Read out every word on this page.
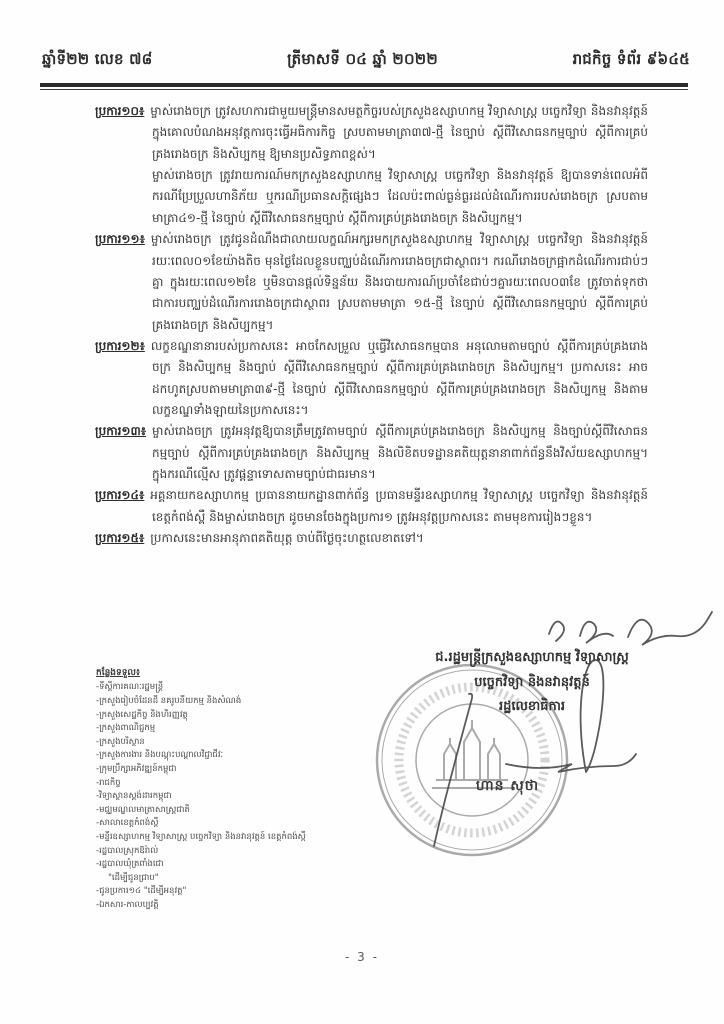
ឆ្នាំទី២២ លេខ ៧៨	ត្រីមាសទី ០៤ ឆ្នាំ ២០២២	រាជកិច្ច ទំព័រ ៩៦៤៥

ប្រការ១០៖ ម្ចាស់រោងចក្រ ត្រូវសហការជាមួយមន្ត្រីមានសមត្ថកិច្ចរបស់ក្រសួងឧស្សាហកម្ម វិទ្យាសាស្ត្រ បច្ចេកវិទ្យា និងនវានុវត្តន៍ ក្នុងគោលបំណងអនុវត្តការចុះធ្វើអធិការកិច្ច ស្របតាមមាត្រា៣៧-ថ្មី នៃច្បាប់ ស្តីពីវិសោធនកម្មច្បាប់ ស្តីពីការគ្រប់គ្រងរោងចក្រ និងសិប្បកម្ម ឱ្យមានប្រសិទ្ធភាពខ្ពស់។

ម្ចាស់រោងចក្រ ត្រូវរាយការណ៍មកក្រសួងឧស្សាហកម្ម វិទ្យាសាស្ត្រ បច្ចេកវិទ្យា និងនវានុវត្តន៍ ឱ្យបានទាន់ពេលអំពីករណីប្រែប្រួលហានិភ័យ ឬករណីប្រធានសក្តិផ្សេងៗ ដែលប៉ះពាល់ធ្ងន់ធ្ងរដល់ដំណើរការរបស់រោងចក្រ ស្របតាមមាត្រា៤១-ថ្មី នៃច្បាប់ ស្តីពីវិសោធនកម្មច្បាប់ ស្តីពីការគ្រប់គ្រងរោងចក្រ និងសិប្បកម្ម។

ប្រការ១១៖ ម្ចាស់រោងចក្រ ត្រូវជូនដំណឹងជាលាយលក្ខណ៍អក្សរមកក្រសួងឧស្សាហកម្ម វិទ្យាសាស្ត្រ បច្ចេកវិទ្យា និងនវានុវត្តន៍ រយៈពេល០១ខែយ៉ាងតិច មុនថ្ងៃដែលខ្លួនបញ្ឈប់ដំណើរការរោងចក្រជាស្ថាពរ។ ករណីរោងចក្រផ្អាកដំណើរការជាប់ៗគ្នា ក្នុងរយៈពេល១២ខែ ឬមិនបានផ្តល់ទិន្នន័យ និងរបាយការណ៍ប្រចាំខែជាប់ៗគ្នារយៈពេល០៣ខែ ត្រូវចាត់ទុកថា ជាការបញ្ឈប់ដំណើរការរោងចក្រជាស្ថាពរ ស្របតាមមាត្រា ១៥-ថ្មី នៃច្បាប់ ស្តីពីវិសោធនកម្មច្បាប់ ស្តីពីការគ្រប់គ្រងរោងចក្រ និងសិប្បកម្ម។

ប្រការ១២៖ លក្ខខណ្ឌនានារបស់ប្រកាសនេះ អាចកែសម្រួល ឬធ្វើវិសោធនកម្មបាន អនុលោមតាមច្បាប់ ស្តីពីការគ្រប់គ្រងរោងចក្រ និងសិប្បកម្ម និងច្បាប់ ស្តីពីវិសោធនកម្មច្បាប់ ស្តីពីការគ្រប់គ្រងរោងចក្រ និងសិប្បកម្ម។ ប្រកាសនេះ អាចដកហូតស្របតាមមាត្រា៣៩-ថ្មី នៃច្បាប់ ស្តីពីវិសោធនកម្មច្បាប់ ស្តីពីការគ្រប់គ្រងរោងចក្រ និងសិប្បកម្ម និងតាមលក្ខខណ្ឌទាំងឡាយនៃប្រកាសនេះ។

ប្រការ១៣៖ ម្ចាស់រោងចក្រ ត្រូវអនុវត្តឱ្យបានត្រឹមត្រូវតាមច្បាប់ ស្តីពីការគ្រប់គ្រងរោងចក្រ និងសិប្បកម្ម និងច្បាប់ស្តីពីវិសោធនកម្មច្បាប់ ស្តីពីការគ្រប់គ្រងរោងចក្រ និងសិប្បកម្ម និងលិខិតបទដ្ឋានគតិយុត្តនានាពាក់ព័ន្ធនឹងវិស័យឧស្សាហកម្ម។ ក្នុងករណីល្មើស ត្រូវផ្តន្ទាទោសតាមច្បាប់ជាធរមាន។

ប្រការ១៤៖ អគ្គនាយកឧស្សាហកម្ម ប្រធាននាយកដ្ឋានពាក់ព័ន្ធ ប្រធានមន្ទីរឧស្សាហកម្ម វិទ្យាសាស្ត្រ បច្ចេកវិទ្យា និងនវានុវត្តន៍ ខេត្តកំពង់ស្ពឺ និងម្ចាស់រោងចក្រ ដូចមានចែងក្នុងប្រការ១ ត្រូវអនុវត្តប្រកាសនេះ តាមមុខការរៀងៗខ្លួន។

ប្រការ១៥៖ ប្រកាសនេះមានអានុភាពគតិយុត្ត ចាប់ពីថ្ងៃចុះហត្ថលេខាតទៅ។

ជ.រដ្ឋមន្ត្រីក្រសួងឧស្សាហកម្ម វិទ្យាសាស្ត្រ
បច្ចេកវិទ្យា និងនវានុវត្តន៍
រដ្ឋលេខាធិការ
ហាន សុថា
កន្លែងទទួល៖
-ទីស្តីការគណៈរដ្ឋមន្ត្រី
-ក្រសួងរៀបចំដែនដី នគរូបនីយកម្ម និងសំណង់
-ក្រសួងសេដ្ឋកិច្ច និងហិរញ្ញវត្ថុ
-ក្រសួងពាណិជ្ជកម្ម
-ក្រសួងបរិស្ថាន
-ក្រសួងការងារ និងបណ្តុះបណ្តាលវិជ្ជាជីវៈ
-ក្រុមប្រឹក្សាអភិវឌ្ឍន៍កម្ពុជា
-រាជកិច្ច
-វិទ្យាស្ថានស្តង់ដារកម្ពុជា
-មជ្ឈមណ្ឌលមាត្រាសាស្ត្រជាតិ
-សាលាខេត្តកំពង់ស្ពឺ
-មន្ទីរឧស្សាហកម្ម វិទ្យាសាស្ត្រ បច្ចេកវិទ្យា និងនវានុវត្តន៍ ខេត្តកំពង់ស្ពឺ
-រដ្ឋបាលស្រុកឱរ៉ាល់
-រដ្ឋបាលឃុំត្រពាំងជោ
"ដើម្បីជូនជ្រាប"
-ជូនប្រការ១៤ "ដើម្បីអនុវត្ត"
-ឯកសារ-កាលប្បវត្តិ
- 3 -
